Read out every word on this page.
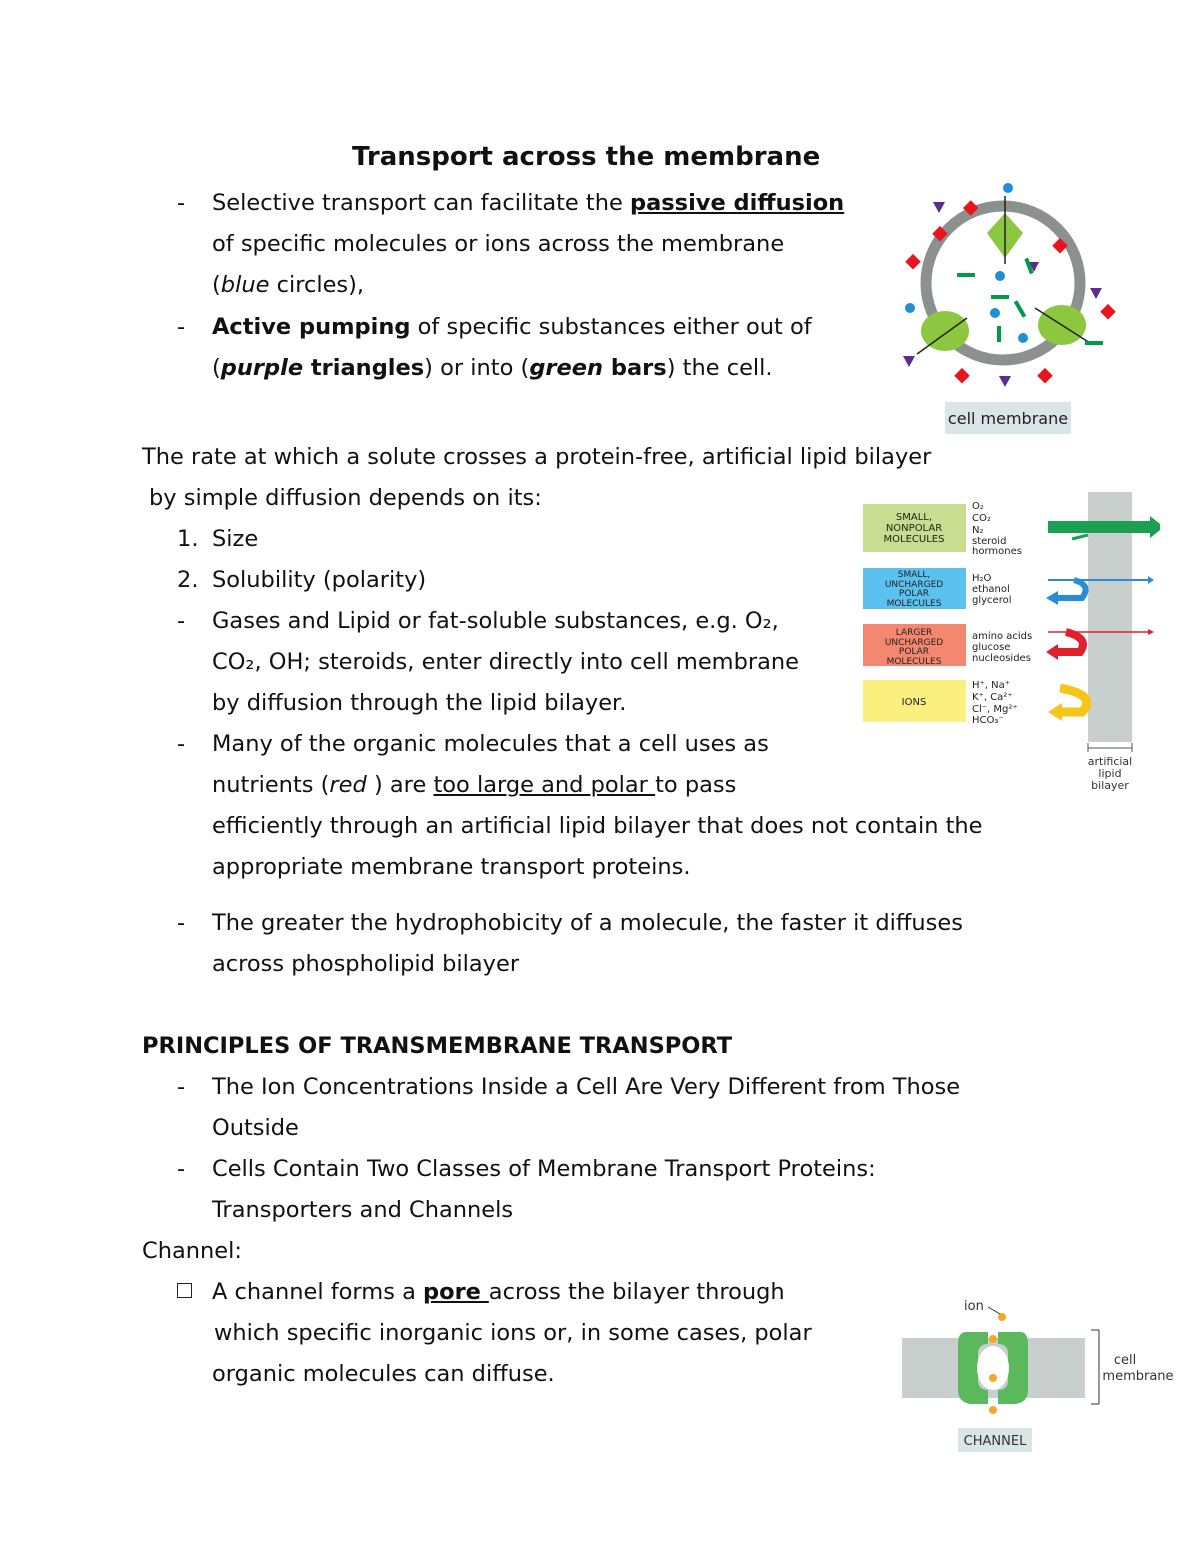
Transport across the membrane
- Selective transport can facilitate the passive diffusion
of specific molecules or ions across the membrane
(blue circles),
- Active pumping of specific substances either out of
(purple triangles) or into (green bars) the cell.
cell membrane
The rate at which a solute crosses a protein-free, artificial lipid bilayer
by simple diffusion depends on its:
1. Size
2. Solubility (polarity)
- Gases and Lipid or fat-soluble substances, e.g. O₂,
CO₂, OH; steroids, enter directly into cell membrane
by diffusion through the lipid bilayer.
- Many of the organic molecules that a cell uses as
nutrients (red ) are too large and polar to pass
efficiently through an artificial lipid bilayer that does not contain the
appropriate membrane transport proteins.
- The greater the hydrophobicity of a molecule, the faster it diffuses
across phospholipid bilayer
artificial
lipid
bilayer
SMALL,
NONPOLAR
MOLECULES
O₂
CO₂
N₂
steroid
hormones
SMALL,
UNCHARGED
POLAR
MOLECULES
H₂O
ethanol
glycerol
LARGER
UNCHARGED
POLAR
MOLECULES
amino acids
glucose
nucleosides
IONS
H⁺, Na⁺
K⁺, Ca²⁺
Cl⁻, Mg²⁺
HCO₃⁻
PRINCIPLES OF TRANSMEMBRANE TRANSPORT
- The Ion Concentrations Inside a Cell Are Very Different from Those
Outside
- Cells Contain Two Classes of Membrane Transport Proteins:
Transporters and Channels
Channel:
A channel forms a pore across the bilayer through
which specific inorganic ions or, in some cases, polar
organic molecules can diffuse.
ion
cell
membrane
CHANNEL
